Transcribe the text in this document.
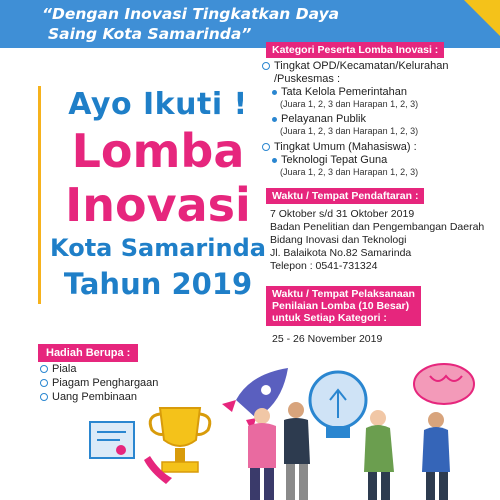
“Dengan Inovasi Tingkatkan Daya
Saing Kota Samarinda”
Ayo Ikuti !
Lomba
Inovasi
Kota Samarinda
Tahun 2019
Kategori Peserta Lomba Inovasi :
Tingkat OPD/Kecamatan/Kelurahan
/Puskesmas :
Tata Kelola Pemerintahan
(Juara 1, 2, 3 dan Harapan 1, 2, 3)
Pelayanan Publik
(Juara 1, 2, 3 dan Harapan 1, 2, 3)
Tingkat Umum (Mahasiswa) :
Teknologi Tepat Guna
(Juara 1, 2, 3 dan Harapan 1, 2, 3)
Waktu / Tempat Pendaftaran :
7 Oktober s/d 31 Oktober 2019
Badan Penelitian dan Pengembangan Daerah
Bidang Inovasi dan Teknologi
Jl. Balaikota No.82 Samarinda
Telepon : 0541-731324
Waktu / Tempat Pelaksanaan
Penilaian Lomba (10 Besar)
untuk Setiap Kategori :
25 - 26 November 2019
Hadiah Berupa :
Piala
Piagam Penghargaan
Uang Pembinaan
